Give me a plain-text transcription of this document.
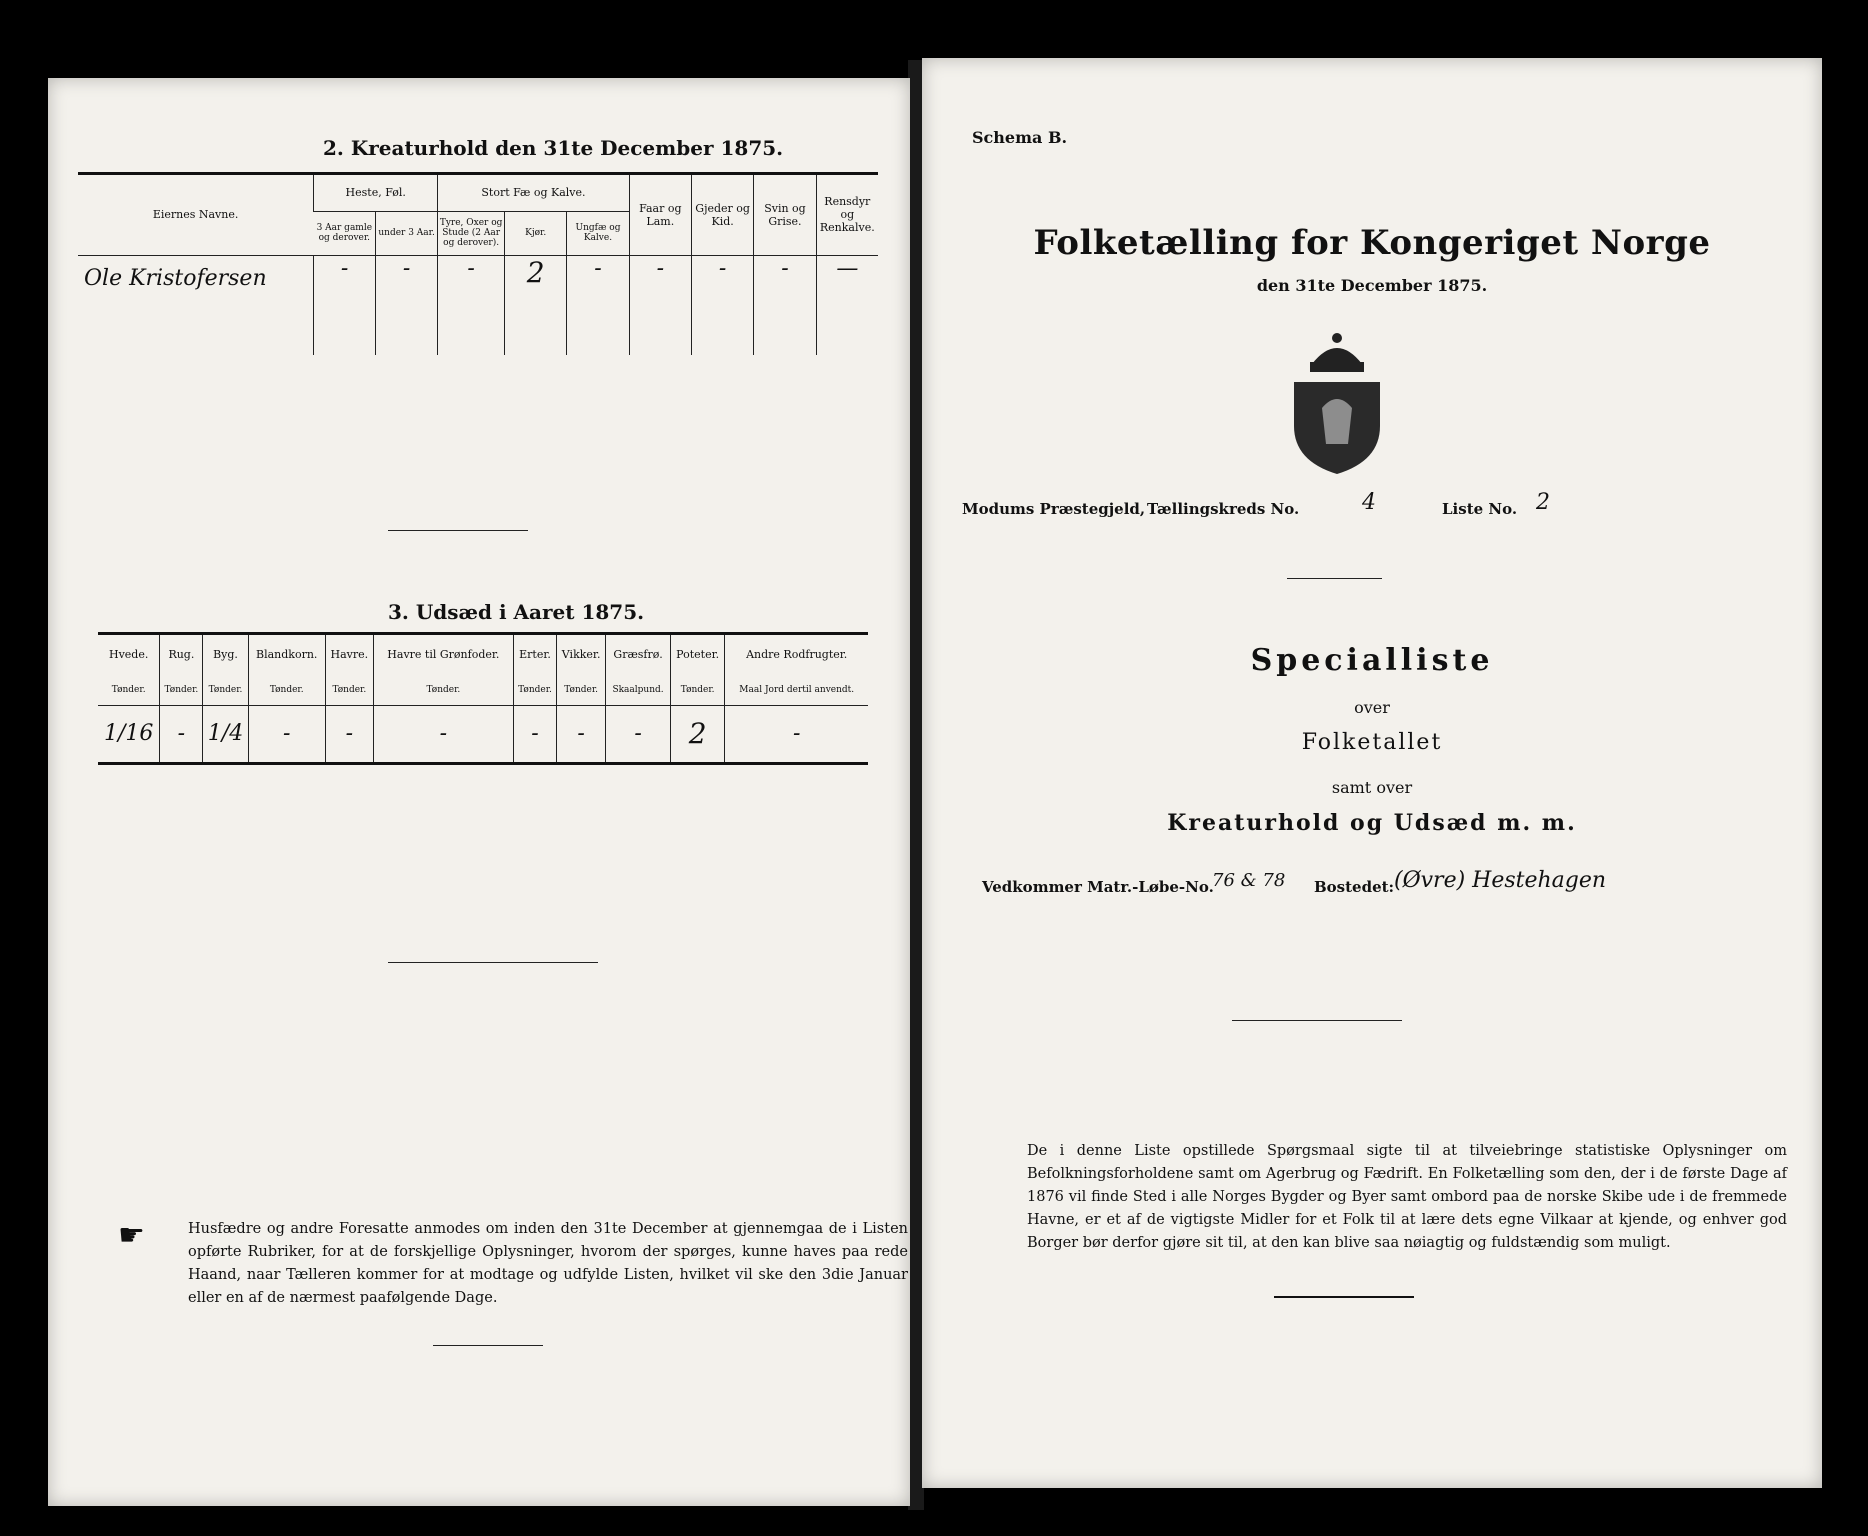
2. Kreaturhold den 31te December 1875.
Eiernes Navne.	Heste, Føl.		Stort Fæ og Kalve.			Faar og Lam.	Gjeder og Kid.	Svin og Grise.	Rensdyr og Renkalve.
	3 Aar gamle og derover.	under 3 Aar.	Tyre, Oxer og Stude (2 Aar og derover).	Kjør.	Ungfæ og Kalve.				
Ole Kristofersen	-	-	-	2	-	-	-	-	—
3. Udsæd i Aaret 1875.
Hvede.	Rug.	Byg.	Blandkorn.	Havre.	Havre til Grønfoder.	Erter.	Vikker.	Græsfrø.	Poteter.	Andre Rodfrugter.
Tønder.	Tønder.	Tønder.	Tønder.	Tønder.	Tønder.	Tønder.	Tønder.	Skaalpund.	Tønder.	Maal Jord dertil anvendt.
1/16	-	1/4	-	-	-	-	-	-	2	-
☛	Husfædre og andre Foresatte anmodes om inden den 31te December at gjennemgaa de i Listen opførte Rubriker, for at de forskjellige Oplysninger, hvorom der spørges, kunne haves paa rede Haand, naar Tælleren kommer for at modtage og udfylde Listen, hvilket vil ske den 3die Januar eller en af de nærmest paafølgende Dage.
Schema B.
Folketælling for Kongeriget Norge
den 31te December 1875.
Modums Præstegjeld, Tællingskreds No.	4	Liste No. 2
Specialliste
over
Folketallet
samt over
Kreaturhold og Udsæd m. m.
Vedkommer Matr.-Løbe-No.
76 & 78 Bostedet: (Øvre) Hestehagen
De i denne Liste opstillede Spørgsmaal sigte til at tilveiebringe statistiske Oplysninger om Befolkningsforholdene samt om Agerbrug og Fædrift. En Folketælling som den, der i de første Dage af 1876 vil finde Sted i alle Norges Bygder og Byer samt ombord paa de norske Skibe ude i de fremmede Havne, er et af de vigtigste Midler for et Folk til at lære dets egne Vilkaar at kjende, og enhver god Borger bør derfor gjøre sit til, at den kan blive saa nøiagtig og fuldstændig som muligt.
